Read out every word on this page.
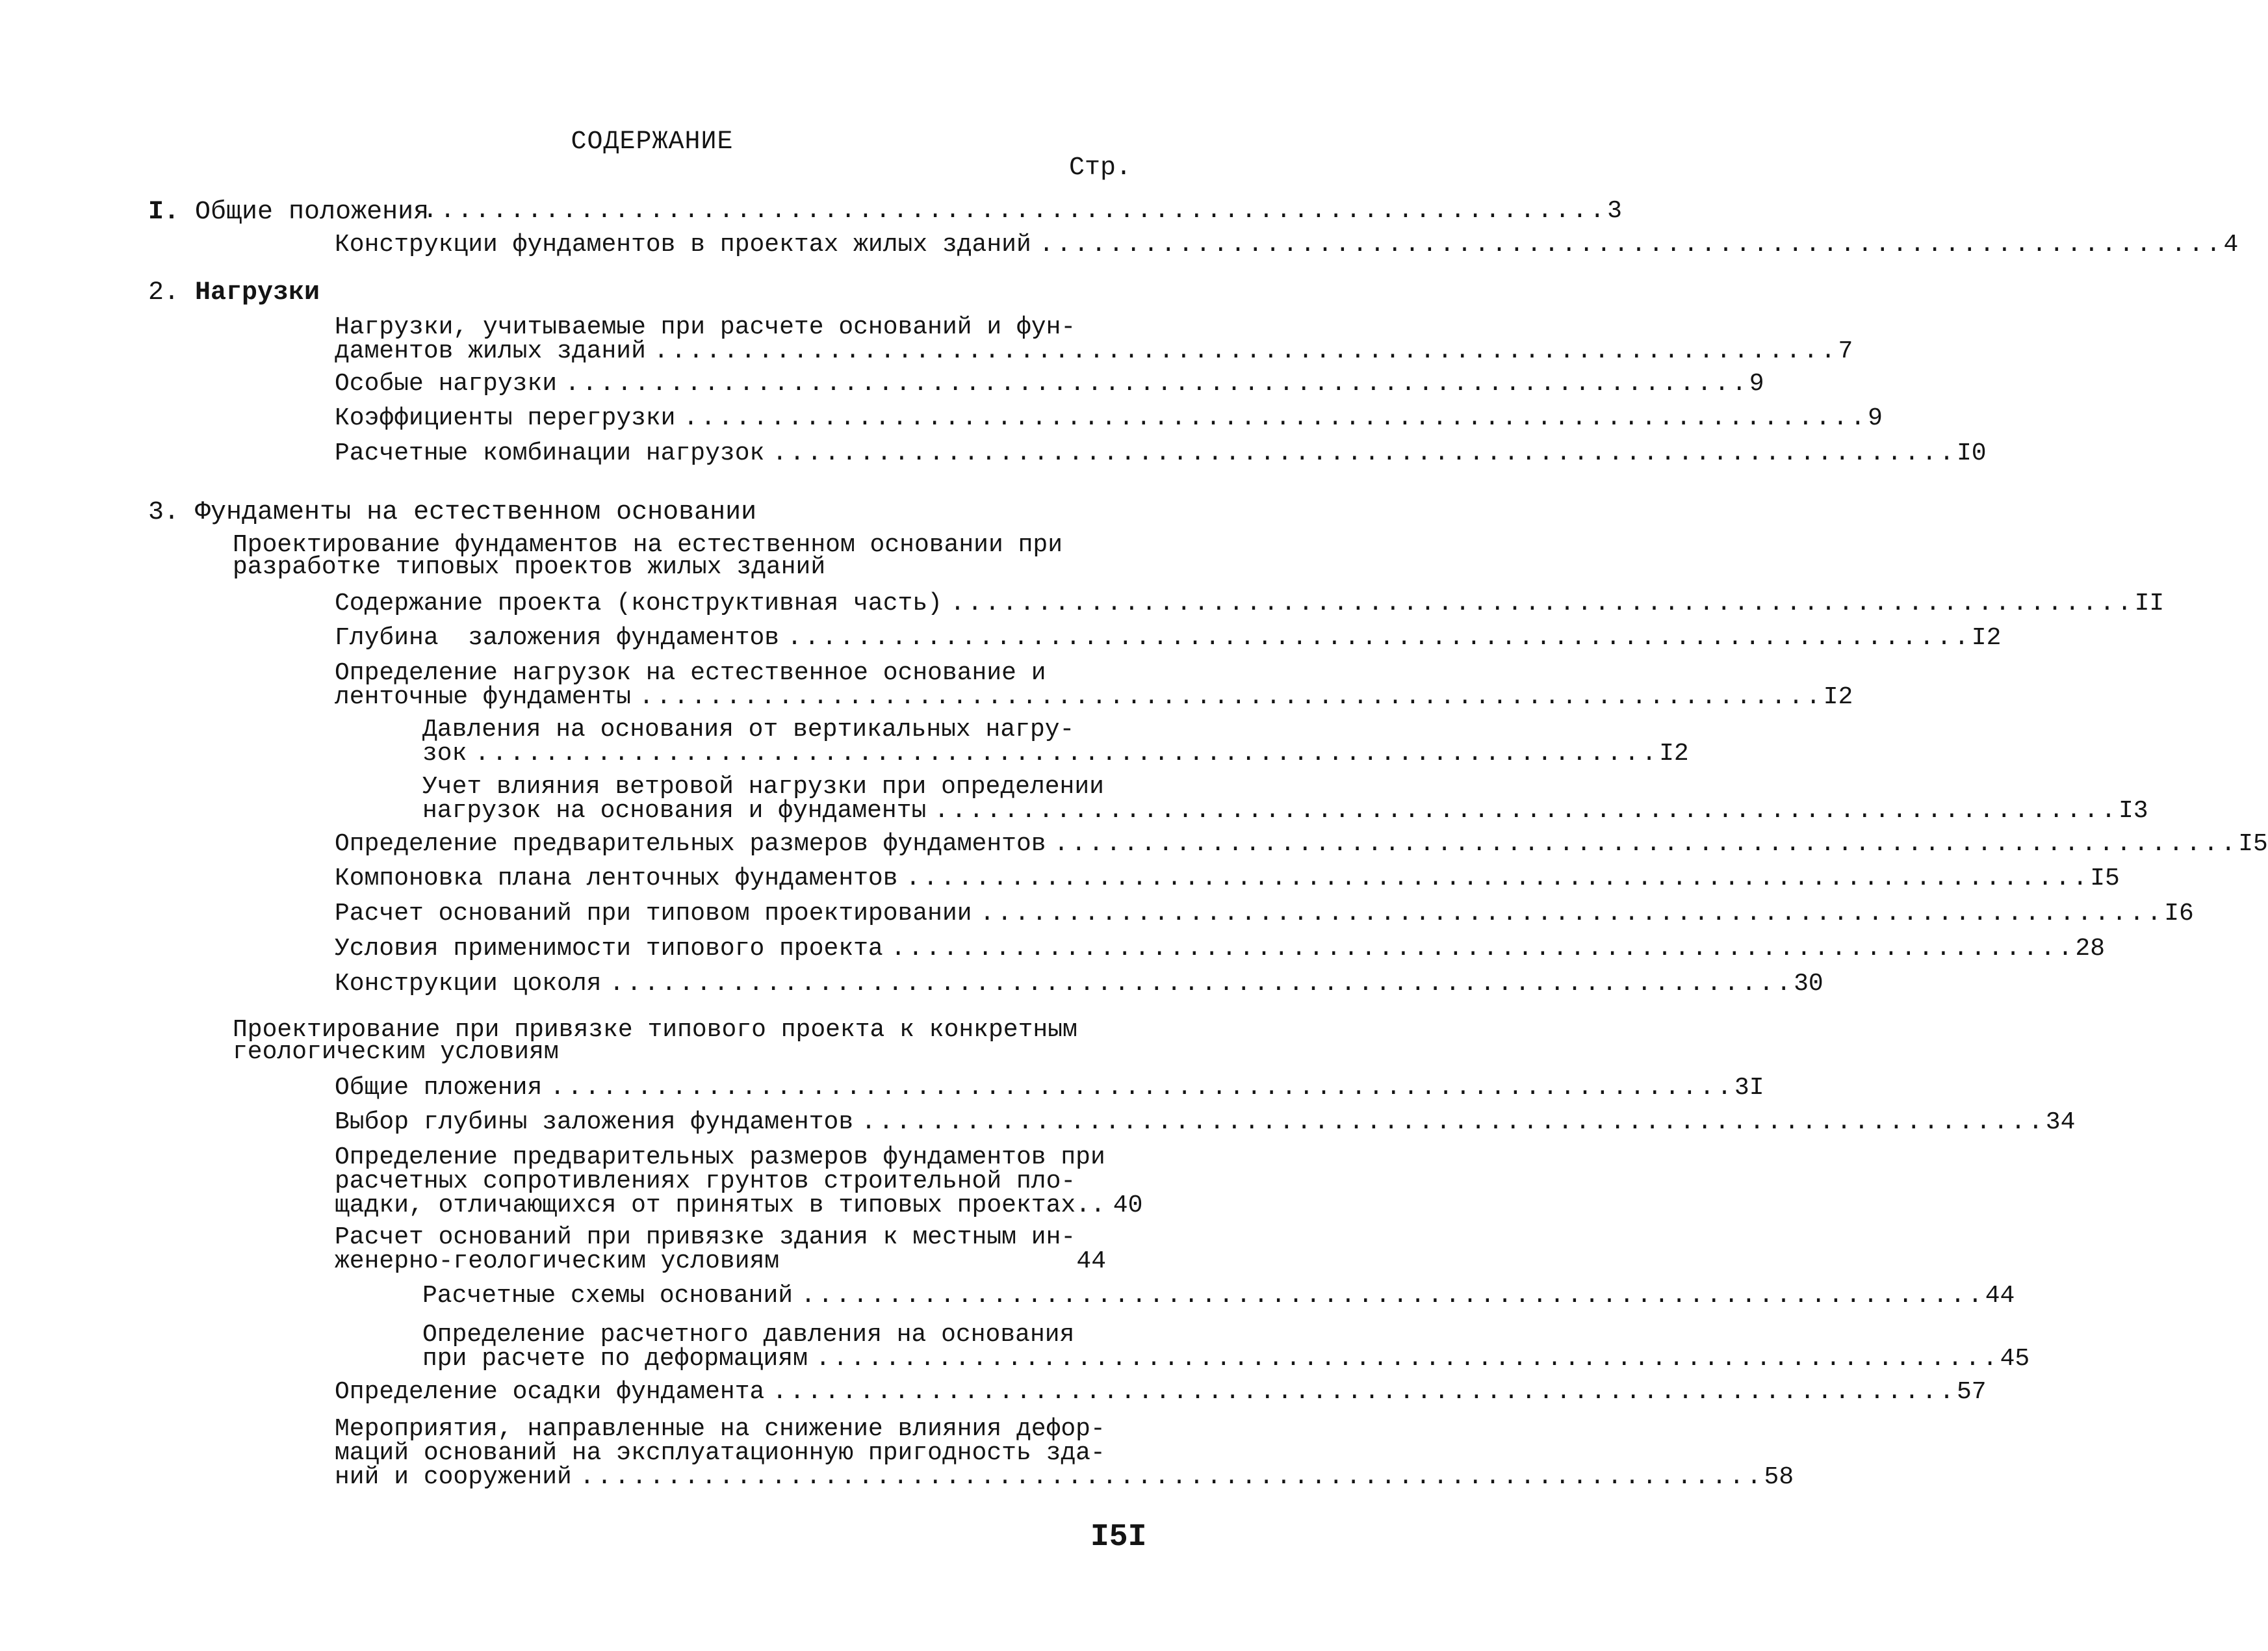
СОДЕРЖАНИЕ
Стр.
I. Общие положения
.................................................................... 3
Конструкции фундаментов в проектах жилых зданий .................................................................... 4
2. Нагрузки
Нагрузки, учитываемые при расчете оснований и фун-
даментов жилых зданий .................................................................... 7
Особые нагрузки .................................................................... 9
Коэффициенты перегрузки .................................................................... 9
Расчетные комбинации нагрузок .................................................................... I0
3. Фундаменты на естественном основании
Проектирование фундаментов на естественном основании при
разработке типовых проектов жилых зданий
Содержание проекта (конструктивная часть) .................................................................... II
Глубина  заложения фундаментов .................................................................... I2
Определение нагрузок на естественное основание и
ленточные фундаменты .................................................................... I2
Давления на основания от вертикальных нагру-
зок .................................................................... I2
Учет влияния ветровой нагрузки при определении
нагрузок на основания и фундаменты .................................................................... I3
Определение предварительных размеров фундаментов .................................................................... I5
Компоновка плана ленточных фундаментов .................................................................... I5
Расчет оснований при типовом проектировании .................................................................... I6
Условия применимости типового проекта .................................................................... 28
Конструкции цоколя .................................................................... 30
Проектирование при привязке типового проекта к конкретным
геологическим условиям
Общие пложения .................................................................... 3I
Выбор глубины заложения фундаментов .................................................................... 34
Определение предварительных размеров фундаментов при
расчетных сопротивлениях грунтов строительной пло-
щадки, отличающихся от принятых в типовых проектах.. 40
Расчет оснований при привязке здания к местным ин-
женерно-геологическим условиям	44
Расчетные схемы оснований .................................................................... 44
Определение расчетного давления на основания
при расчете по деформациям .................................................................... 45
Определение осадки фундамента .................................................................... 57
Мероприятия, направленные на снижение влияния дефор-
маций оснований на эксплуатационную пригодность зда-
ний и сооружений .................................................................... 58
I5I
